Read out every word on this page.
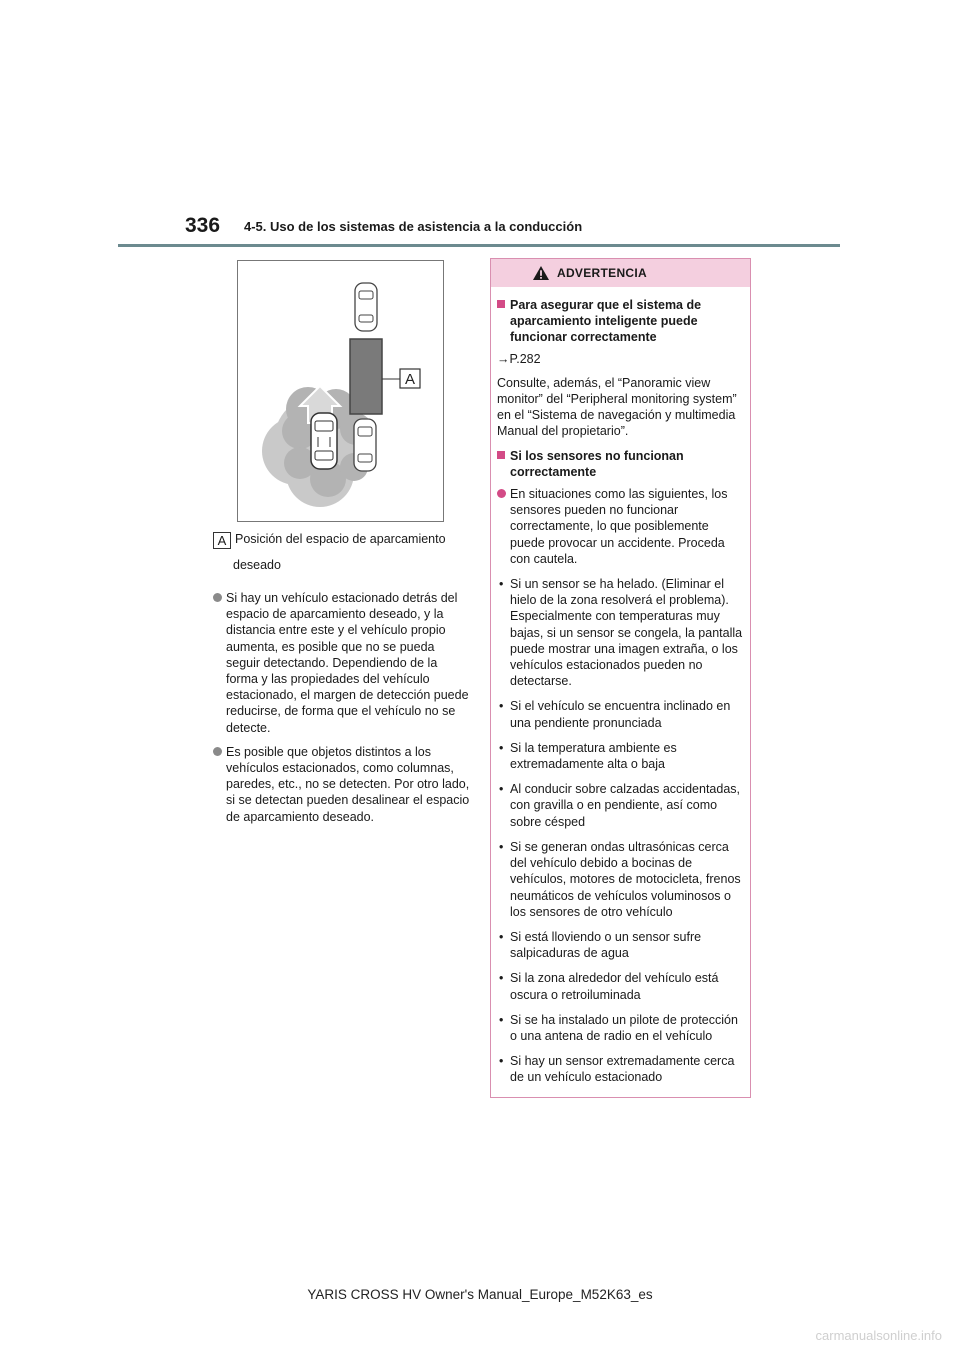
336 4-5. Uso de los sistemas de asistencia a la conducción
A
A Posición del espacio de aparcamiento
deseado
Si hay un vehículo estacionado detrás del espacio de aparcamiento deseado, y la distancia entre este y el vehículo propio aumenta, es posible que no se pueda seguir detectando. Dependiendo de la forma y las propiedades del vehículo estacionado, el margen de detección puede reducirse, de forma que el vehículo no se detecte.
Es posible que objetos distintos a los vehículos estacionados, como columnas, paredes, etc., no se detecten. Por otro lado, si se detectan pueden desalinear el espacio de aparcamiento deseado.
ADVERTENCIA
Para asegurar que el sistema de aparcamiento inteligente puede funcionar correctamente
→P.282
Consulte, además, el “Panoramic view monitor” del “Peripheral monitoring system” en el “Sistema de navegación y multimedia Manual del propietario”.
Si los sensores no funcionan correctamente
En situaciones como las siguientes, los sensores pueden no funcionar correctamente, lo que posiblemente puede provocar un accidente. Proceda con cautela.
• Si un sensor se ha helado. (Eliminar el hielo de la zona resolverá el problema). Especialmente con temperaturas muy bajas, si un sensor se congela, la pantalla puede mostrar una imagen extraña, o los vehículos estacionados pueden no detectarse.
• Si el vehículo se encuentra inclinado en una pendiente pronunciada
• Si la temperatura ambiente es extremadamente alta o baja
• Al conducir sobre calzadas accidentadas, con gravilla o en pendiente, así como sobre césped
• Si se generan ondas ultrasónicas cerca del vehículo debido a bocinas de vehículos, motores de motocicleta, frenos neumáticos de vehículos voluminosos o los sensores de otro vehículo
• Si está lloviendo o un sensor sufre salpicaduras de agua
• Si la zona alrededor del vehículo está oscura o retroiluminada
• Si se ha instalado un pilote de protección o una antena de radio en el vehículo
• Si hay un sensor extremadamente cerca de un vehículo estacionado
YARIS CROSS HV Owner's Manual_Europe_M52K63_es
carmanualsonline.info
